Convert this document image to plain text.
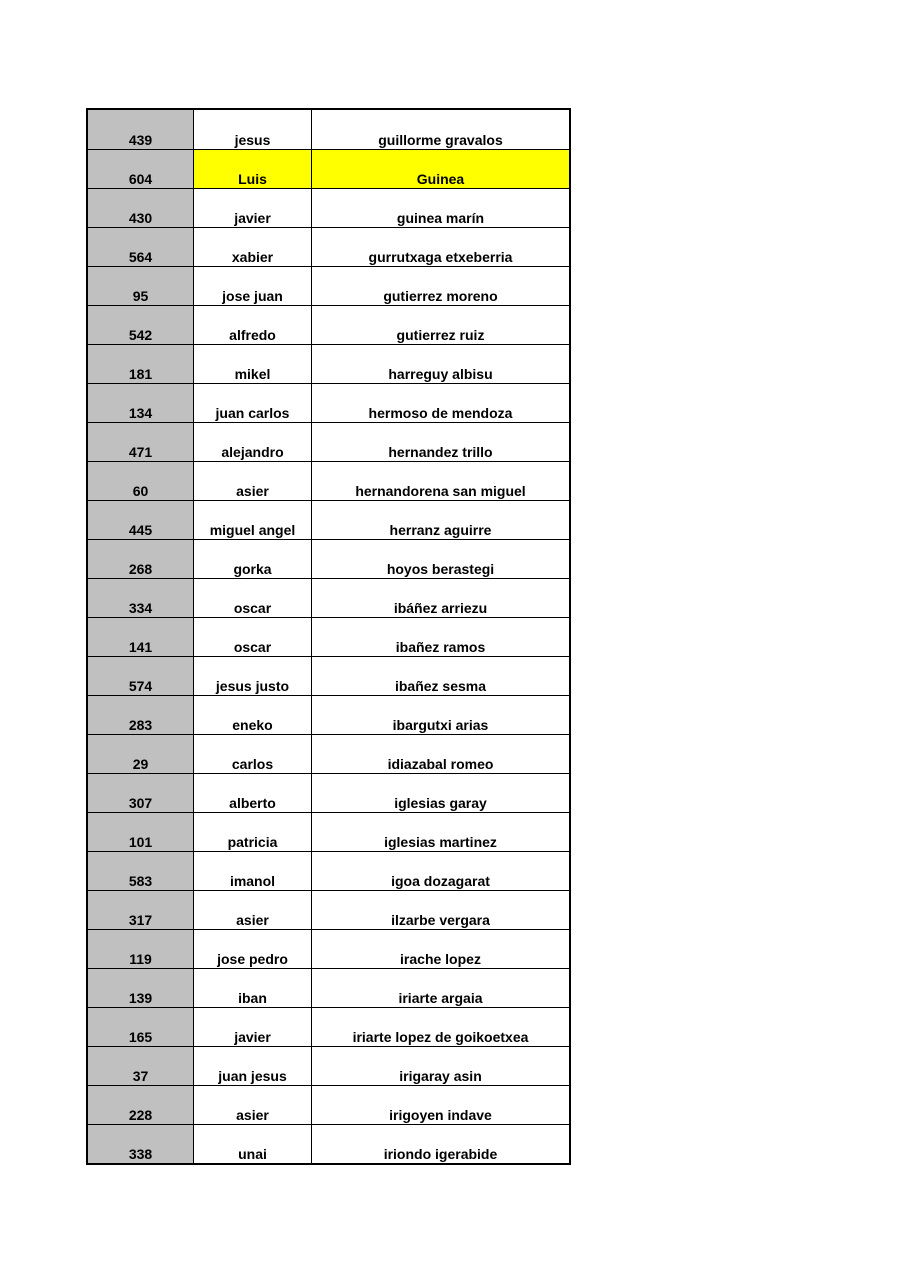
439	jesus	guillorme gravalos
604	Luis	Guinea
430	javier	guinea marín
564	xabier	gurrutxaga etxeberria
95	jose juan	gutierrez moreno
542	alfredo	gutierrez ruiz
181	mikel	harreguy albisu
134	juan carlos	hermoso de mendoza
471	alejandro	hernandez trillo
60	asier	hernandorena san miguel
445	miguel angel	herranz aguirre
268	gorka	hoyos berastegi
334	oscar	ibáñez arriezu
141	oscar	ibañez ramos
574	jesus justo	ibañez sesma
283	eneko	ibargutxi arias
29	carlos	idiazabal romeo
307	alberto	iglesias garay
101	patricia	iglesias martinez
583	imanol	igoa dozagarat
317	asier	ilzarbe vergara
119	jose pedro	irache lopez
139	iban	iriarte argaia
165	javier	iriarte lopez de goikoetxea
37	juan jesus	irigaray asin
228	asier	irigoyen indave
338	unai	iriondo igerabide
